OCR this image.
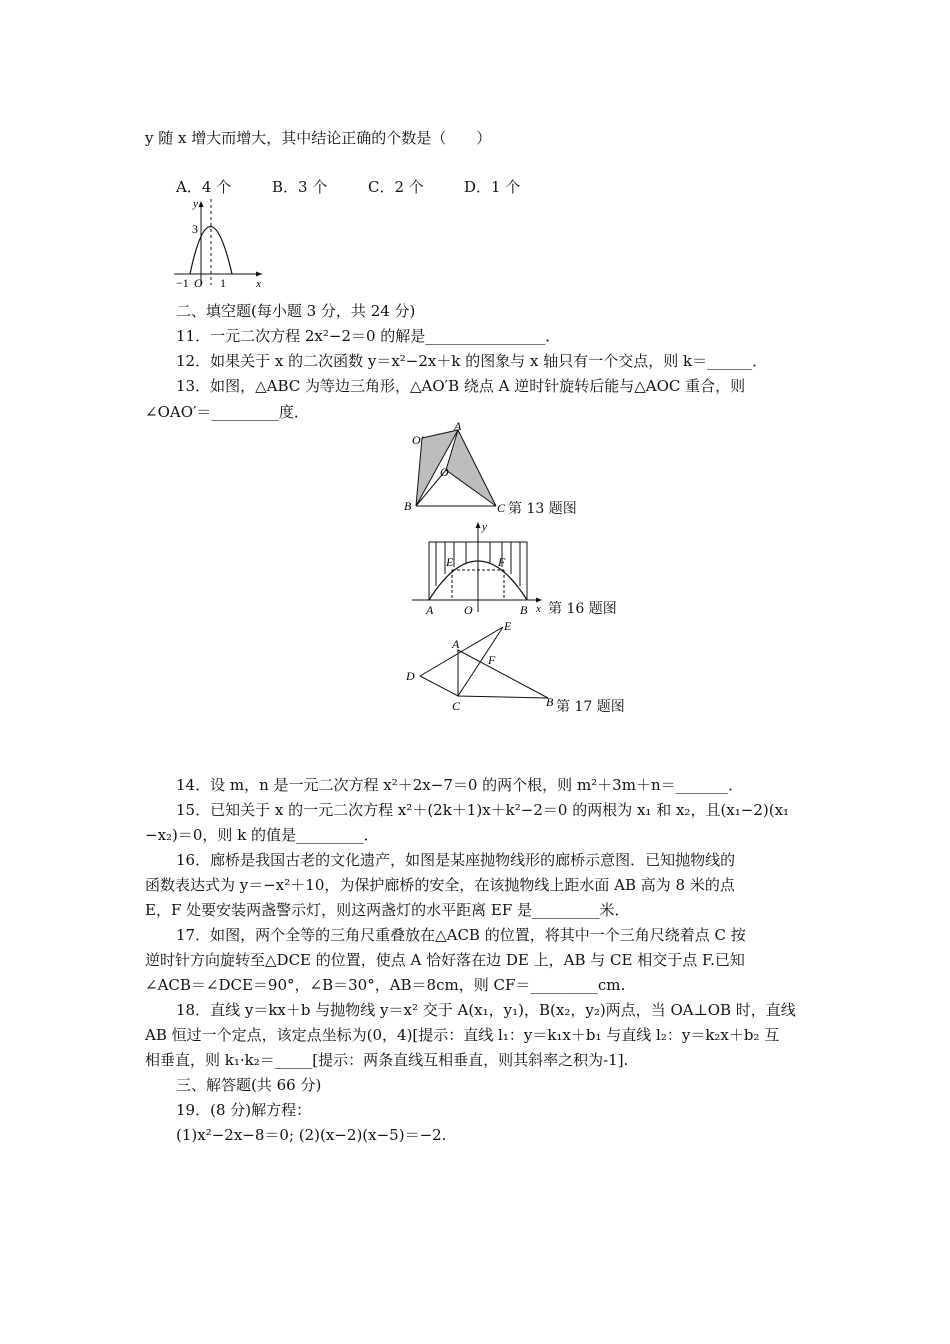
y 随 x 增大而增大，其中结论正确的个数是（　　）
A．4 个	B．3 个	C．2 个	D．1 个
y
3
x
−1 O 1
二、填空题(每小题 3 分，共 24 分)
11．一元二次方程 2x²−2＝0 的解是________________．
12．如果关于 x 的二次函数 y＝x²−2x＋k 的图象与 x 轴只有一个交点，则 k＝______．
13．如图，△ABC 为等边三角形，△AO′B 绕点 A 逆时针旋转后能与△AOC 重合，则
∠OAO′＝_________度．
O′
A
O
B	C 第 13 题图
y
E	F
A	O	B x 第 16 题图
E
A
F
D
C	B 第 17 题图
14．设 m，n 是一元二次方程 x²＋2x−7＝0 的两个根，则 m²＋3m＋n＝_______．
15．已知关于 x 的一元二次方程 x²＋(2k＋1)x＋k²−2＝0 的两根为 x₁ 和 x₂，且(x₁−2)(x₁
−x₂)＝0，则 k 的值是_________．
16．廊桥是我国古老的文化遗产，如图是某座抛物线形的廊桥示意图．已知抛物线的
函数表达式为 y＝−x²＋10，为保护廊桥的安全，在该抛物线上距水面 AB 高为 8 米的点
E，F 处要安装两盏警示灯，则这两盏灯的水平距离 EF 是_________米．
17．如图，两个全等的三角尺重叠放在△ACB 的位置，将其中一个三角尺绕着点 C 按
逆时针方向旋转至△DCE 的位置，使点 A 恰好落在边 DE 上，AB 与 CE 相交于点 F.已知
∠ACB＝∠DCE＝90°，∠B＝30°，AB＝8cm，则 CF＝_________cm.
18．直线 y＝kx＋b 与抛物线 y＝x² 交于 A(x₁，y₁)，B(x₂，y₂)两点，当 OA⊥OB 时，直线
AB 恒过一个定点，该定点坐标为(0，4)[提示：直线 l₁：y＝k₁x＋b₁ 与直线 l₂：y＝k₂x＋b₂ 互
相垂直，则 k₁·k₂＝_____[提示：两条直线互相垂直，则其斜率之积为-1].
三、解答题(共 66 分)
19．(8 分)解方程：
(1)x²−2x−8＝0; (2)(x−2)(x−5)＝−2.
